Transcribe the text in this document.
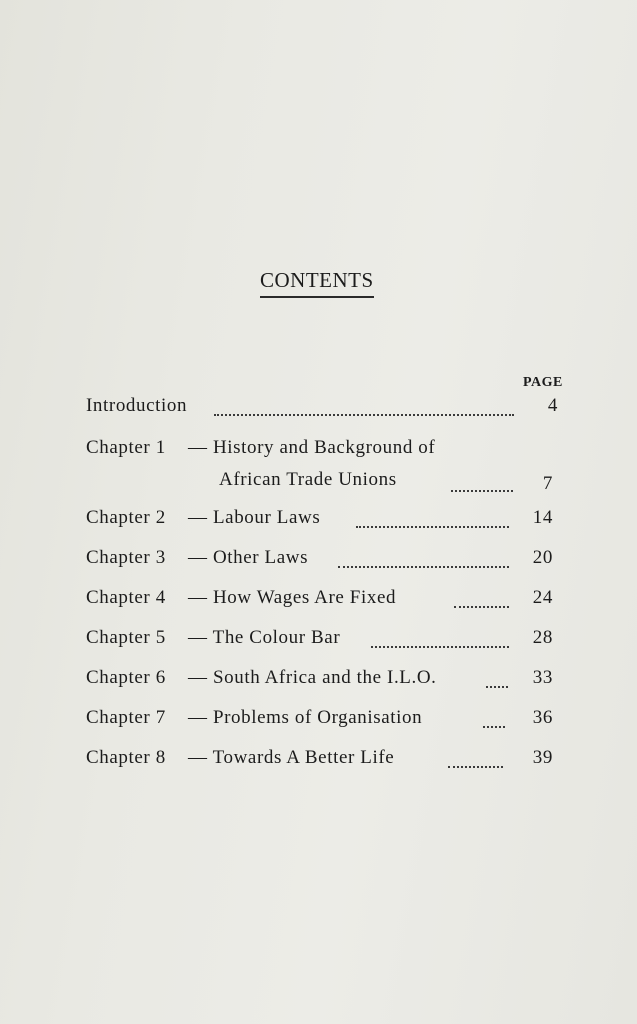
CONTENTS
PAGE
Introduction	4
Chapter 1 — History and Background of
African Trade Unions	7
Chapter 2 — Labour Laws	14
Chapter 3 — Other Laws	20
Chapter 4 — How Wages Are Fixed	24
Chapter 5 — The Colour Bar	28
Chapter 6 — South Africa and the I.L.O.	33
Chapter 7 — Problems of Organisation	36
Chapter 8 — Towards A Better Life	39
